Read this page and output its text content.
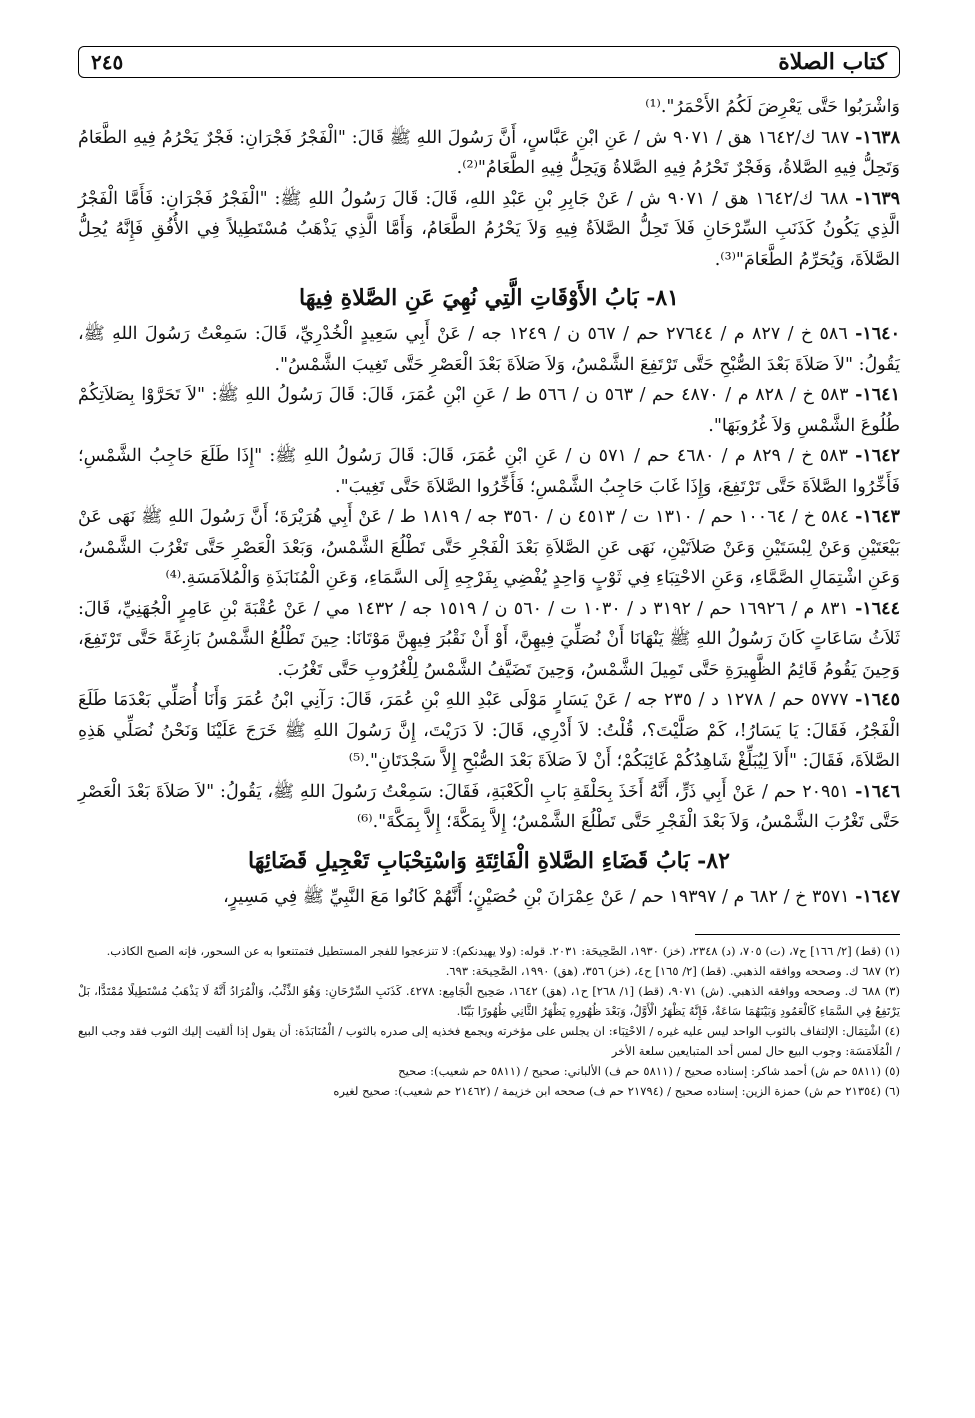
كتاب الصلاة
٢٤٥

وَاشْرَبُوا حَتَّى يَعْرِضَ لَكُمُ الأَحْمَرُ".⁽¹⁾

١٦٣٨- ٦٨٧ ك/١٦٤٢ هق / ٩٠٧١ ش / عَنِ ابْنِ عَبَّاسٍ، أَنَّ رَسُولَ اللهِ ﷺ قَالَ: "الْفَجْرُ فَجْرَانِ: فَجْرٌ يَحْرُمُ فِيهِ الطَّعَامُ وَتَحِلُّ فِيهِ الصَّلاةُ، وَفَجْرٌ تَحْرُمُ فِيهِ الصَّلاةُ وَيَحِلُّ فِيهِ الطَّعَامُ"⁽²⁾.

١٦٣٩- ٦٨٨ ك/١٦٤٢ هق / ٩٠٧١ ش / عَنْ جَابِرِ بْنِ عَبْدِ اللهِ، قَالَ: قَالَ رَسُولُ اللهِ ﷺ: "الْفَجْرُ فَجْرَانِ: فَأَمَّا الْفَجْرُ الَّذِي يَكُونُ كَذَنَبِ السِّرْحَانِ فَلاَ تَحِلُّ الصَّلاَةُ فِيهِ وَلاَ يَحْرُمُ الطَّعَامُ، وَأَمَّا الَّذِي يَذْهَبُ مُسْتَطِيلاً فِي الأُفُقِ فَإِنَّهُ يُحِلُّ الصَّلاَةَ، وَيُحَرِّمُ الطَّعَامَ"⁽³⁾.

٨١- بَابُ الأَوْقَاتِ الَّتِي نُهِيَ عَنِ الصَّلاةِ فِيهَا

١٦٤٠- ٥٨٦ خ / ٨٢٧ م / ٢٧٦٤٤ حم / ٥٦٧ ن / ١٢٤٩ جه / عَنْ أَبِي سَعِيدٍ الْخُدْرِيِّ، قَالَ: سَمِعْتُ رَسُولَ اللهِ ﷺ، يَقُولُ: "لاَ صَلاَةَ بَعْدَ الصُّبْحِ حَتَّى تَرْتَفِعَ الشَّمْسُ، وَلاَ صَلاَةَ بَعْدَ الْعَصْرِ حَتَّى تَغِيبَ الشَّمْسُ".

١٦٤١- ٥٨٣ خ / ٨٢٨ م / ٤٨٧٠ حم / ٥٦٣ ن / ٥٦٦ ط / عَنِ ابْنِ عُمَرَ، قَالَ: قَالَ رَسُولُ اللهِ ﷺ: "لاَ تَحَرَّوْا بِصَلاَتِكُمْ طُلُوعَ الشَّمْسِ وَلاَ غُرُوبَهَا".

١٦٤٢- ٥٨٣ خ / ٨٢٩ م / ٤٦٨٠ حم / ٥٧١ ن / عَنِ ابْنِ عُمَرَ، قَالَ: قَالَ رَسُولُ اللهِ ﷺ: "إِذَا طَلَعَ حَاجِبُ الشَّمْسِ؛ فَأَخِّرُوا الصَّلاَةَ حَتَّى تَرْتَفِعَ، وَإِذَا غَابَ حَاجِبُ الشَّمْسِ؛ فَأَخِّرُوا الصَّلاَةَ حَتَّى تَغِيبَ".

١٦٤٣- ٥٨٤ خ / ١٠٠٦٤ حم / ١٣١٠ ت / ٤٥١٣ ن / ٣٥٦٠ جه / ١٨١٩ ط / عَنْ أَبِي هُرَيْرَةَ؛ أَنَّ رَسُولَ اللهِ ﷺ نَهَى عَنْ بَيْعَتَيْنِ وَعَنْ لِبْسَتَيْنِ وَعَنْ صَلاَتَيْنِ، نَهَى عَنِ الصَّلاَةِ بَعْدَ الْفَجْرِ حَتَّى تَطْلُعَ الشَّمْسُ، وَبَعْدَ الْعَصْرِ حَتَّى تَغْرُبَ الشَّمْسُ، وَعَنِ اشْتِمَالِ الصَّمَّاءِ، وَعَنِ الاحْتِبَاءِ فِي ثَوْبٍ وَاحِدٍ يُفْضِي بِفَرْجِهِ إِلَى السَّمَاءِ، وَعَنِ الْمُنَابَذَةِ وَالْمُلاَمَسَةِ.⁽⁴⁾

١٦٤٤- ٨٣١ م / ١٦٩٢٦ حم / ٣١٩٢ د / ١٠٣٠ ت / ٥٦٠ ن / ١٥١٩ جه / ١٤٣٢ مي / عَنْ عُقْبَةَ بْنِ عَامِرٍ الْجُهَنِيِّ، قَالَ: ثَلاَثُ سَاعَاتٍ كَانَ رَسُولُ اللهِ ﷺ يَنْهَانَا أَنْ نُصَلِّيَ فِيهِنَّ، أَوْ أَنْ نَقْبُرَ فِيهِنَّ مَوْتَانَا: حِينَ تَطْلُعُ الشَّمْسُ بَازِغَةً حَتَّى تَرْتَفِعَ، وَحِينَ يَقُومُ قَائِمُ الظَّهِيرَةِ حَتَّى تَمِيلَ الشَّمْسُ، وَحِينَ تَضَيَّفُ الشَّمْسُ لِلْغُرُوبِ حَتَّى تَغْرُبَ.

١٦٤٥- ٥٧٧٧ حم / ١٢٧٨ د / ٢٣٥ جه / عَنْ يَسَارٍ مَوْلَى عَبْدِ اللهِ بْنِ عُمَرَ، قَالَ: رَآنِي ابْنُ عُمَرَ وَأَنَا أُصَلِّي بَعْدَمَا طَلَعَ الْفَجْرُ، فَقَالَ: يَا يَسَارُ!، كَمْ صَلَّيْتَ؟، قُلْتُ: لاَ أَدْرِي، قَالَ: لاَ دَرَيْتَ، إِنَّ رَسُولَ اللهِ ﷺ خَرَجَ عَلَيْنَا وَنَحْنُ نُصَلِّي هَذِهِ الصَّلاَةَ، فَقَالَ: "أَلاَ لِيُبَلِّغْ شَاهِدُكُمْ غَائِبَكُمْ؛ أَنْ لاَ صَلاَةَ بَعْدَ الصُّبْحِ إِلاَّ سَجْدَتَانِ".⁽⁵⁾

١٦٤٦- ٢٠٩٥١ حم / عَنْ أَبِي ذَرٍّ، أَنَّهُ أَخَذَ بِحَلْقَةِ بَابِ الْكَعْبَةِ، فَقَالَ: سَمِعْتُ رَسُولَ اللهِ ﷺ، يَقُولُ: "لاَ صَلاَةَ بَعْدَ الْعَصْرِ حَتَّى تَغْرُبَ الشَّمْسُ، وَلاَ بَعْدَ الْفَجْرِ حَتَّى تَطْلُعَ الشَّمْسُ؛ إِلاَّ بِمَكَّةَ؛ إِلاَّ بِمَكَّةَ".⁽⁶⁾

٨٢- بَابُ قَضَاءِ الصَّلاةِ الْفَائِتَةِ وَاسْتِحْبَابِ تَعْجِيلِ قَضَائِهَا

١٦٤٧- ٣٥٧١ خ / ٦٨٢ م / ١٩٣٩٧ حم / عَنْ عِمْرَانَ بْنِ حُصَيْنٍ؛ أَنَّهُمْ كَانُوا مَعَ النَّبِيِّ ﷺ فِي مَسِيرٍ،

(١) (قط) [٢/ ١٦٦] ح٧، (ت) ٧٠٥، (د) ٢٣٤٨، (خز) ١٩٣٠، الصَّحِيحَة: ٢٠٣١. قوله: (ولا يهيدنكم): لا تنزعجوا للفجر المستطيل فتمتنعوا به عن السحور، فإنه الصبح الكاذب.

(٢) ٦٨٧ ك. وصححه ووافقه الذهبي. (قط) [٢/ ١٦٥] ح٤، (خز) ٣٥٦، (هق) ١٩٩٠، الصَّحِيحَة: ٦٩٣.

(٣) ٦٨٨ ك. وصححه ووافقه الذهبي. (ش) ٩٠٧١، (قط) [١/ ٢٦٨] ح١، (هق) ١٦٤٢، صَحِيح الْجَامِع: ٤٢٧٨. كَذَنَبِ السِّرْحَانِ: وَهُوَ الذِّئْبُ، وَالْمُرَادُ أَنَّهُ لَا يَذْهَبُ مُسْتَطِيلًا مُمْتَدًّا، بَلْ يَرْتَفِعُ فِي السَّمَاءِ كَالْعَمُودِ وَبَيْنَهُمَا سَاعَةٌ، فَإِنَّهُ يَظْهَرُ الْأَوَّلُ، وَبَعْدَ ظُهُورِهِ يَظْهَرُ الثَّانِي ظُهُورًا بَيِّنًا.

(٤) اشْتِمَال: الإلتفاف بالثوب الواحد ليس عليه غيره / الاحْتِبَاء: ان يجلس على مؤخرته ويجمع فخذيه إلى صدره بالثوب / الْمُنَابَذَة: أن يقول إذا ألقيت إليك الثوب فقد وجب البيع / الْمُلَامَسَة: وجوب البيع حال لمس أحد المتبايعين سلعة الأخر

(٥) (٥٨١١ حم ش) أحمد شاكر: إسناده صحيح / (٥٨١١ حم ف) الألباني: صحيح / (٥٨١١ حم شعيب): صحيح

(٦) (٢١٣٥٤ حم ش) حمزة الزين: إسناده صحيح / (٢١٧٩٤ حم ف) صححه ابن خزيمة / (٢١٤٦٢ حم شعيب): صحيح لغيره
